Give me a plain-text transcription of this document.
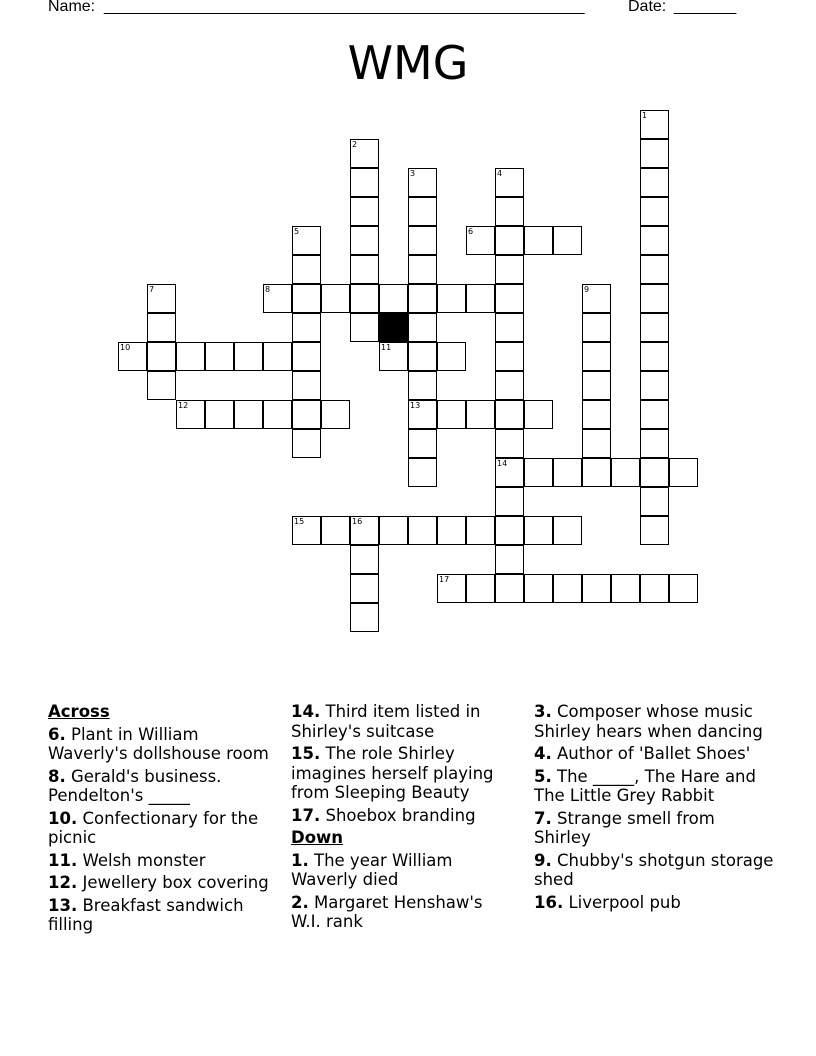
Name: ______________________________________________________	Date: _______
WMG
1
2
3
13
4
14
5	6
7	8	9
10	11
12
15	16
17
Across
6. Plant in William Waverly's dollshouse room
8. Gerald's business. Pendelton's _____
10. Confectionary for the picnic
11. Welsh monster
12. Jewellery box covering
13. Breakfast sandwich filling
14. Third item listed in Shirley's suitcase
15. The role Shirley imagines herself playing from Sleeping Beauty
17. Shoebox branding
Down
1. The year William Waverly died
2. Margaret Henshaw's W.I. rank
3. Composer whose music Shirley hears when dancing
4. Author of 'Ballet Shoes'
5. The _____, The Hare and The Little Grey Rabbit
7. Strange smell from Shirley
9. Chubby's shotgun storage shed
16. Liverpool pub
